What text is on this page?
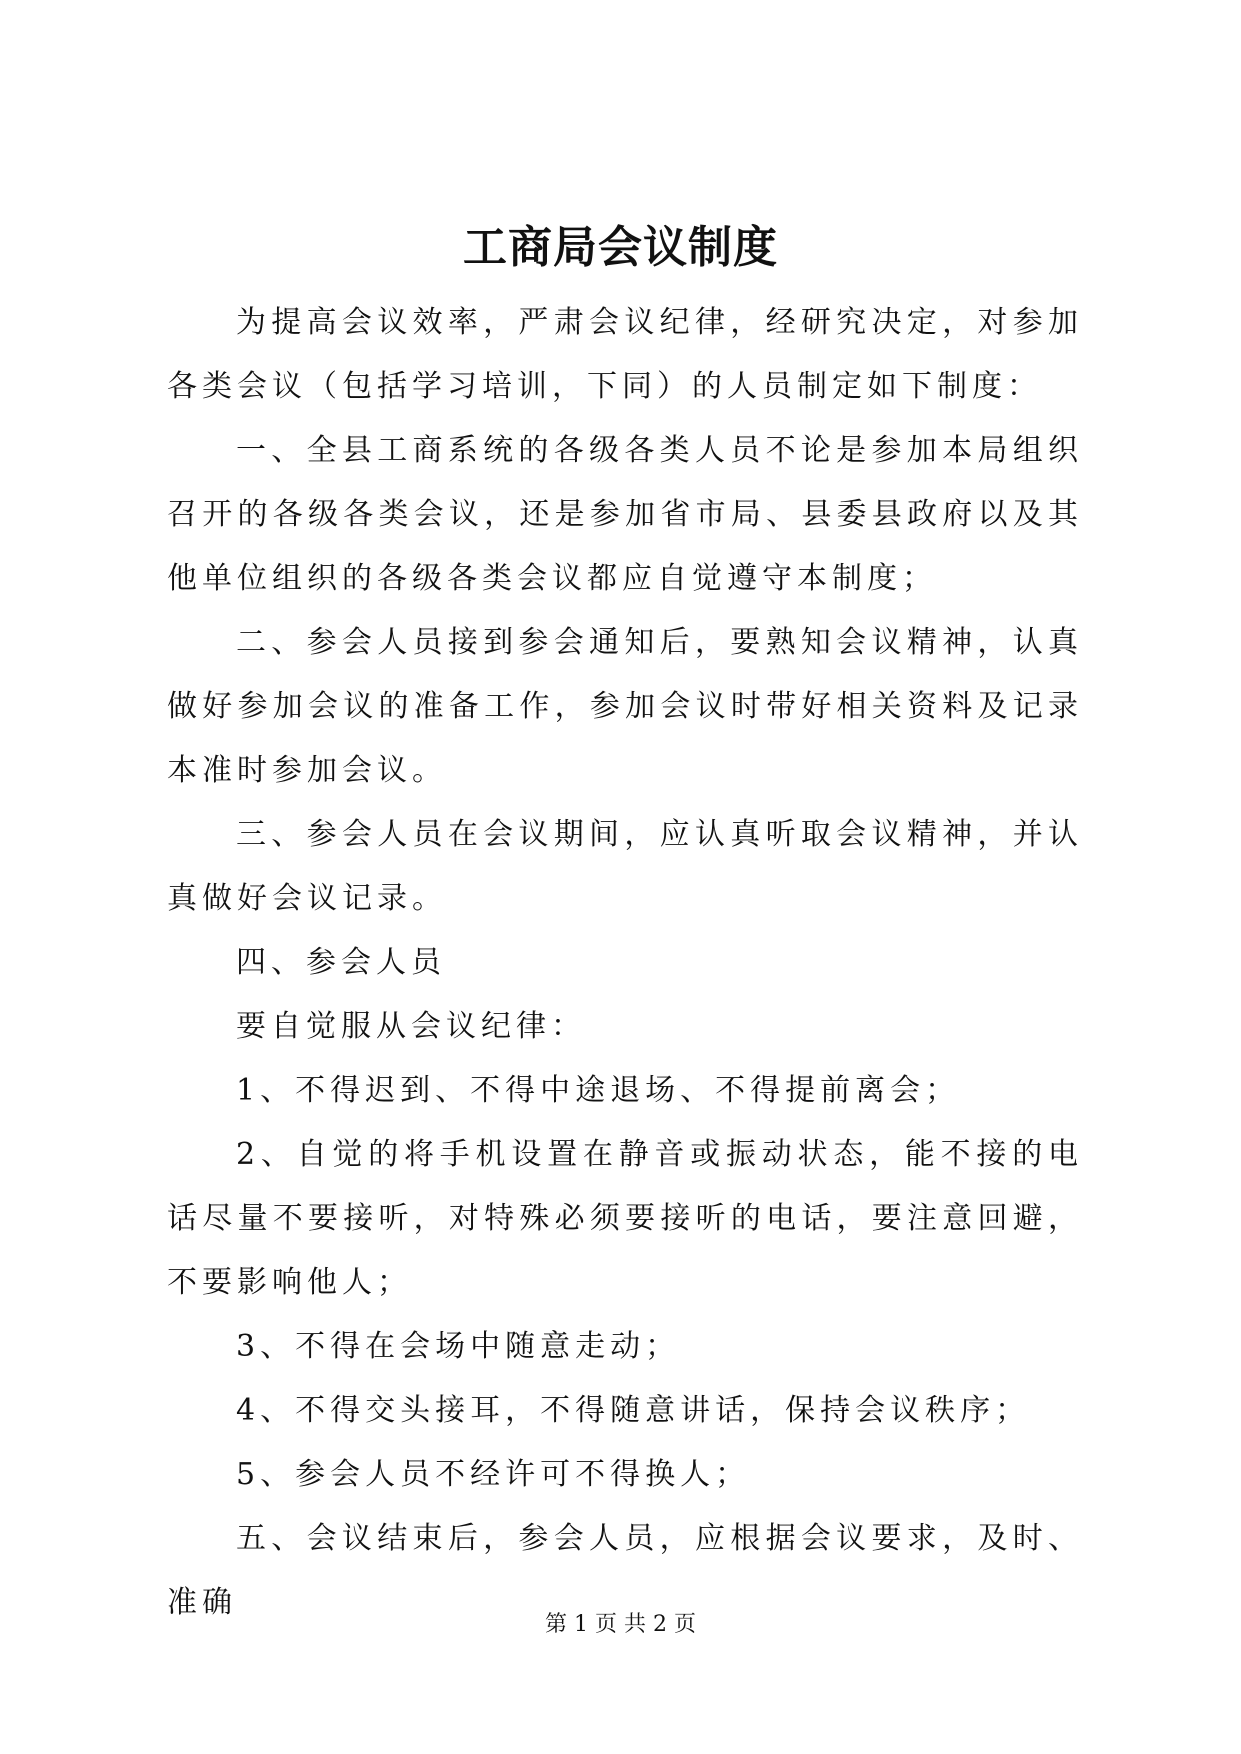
工商局会议制度

为提高会议效率，严肃会议纪律，经研究决定，对参加各类会议（包括学习培训，下同）的人员制定如下制度：

一、全县工商系统的各级各类人员不论是参加本局组织召开的各级各类会议，还是参加省市局、县委县政府以及其他单位组织的各级各类会议都应自觉遵守本制度；

二、参会人员接到参会通知后，要熟知会议精神，认真做好参加会议的准备工作，参加会议时带好相关资料及记录本准时参加会议。

三、参会人员在会议期间，应认真听取会议精神，并认真做好会议记录。

四、参会人员

要自觉服从会议纪律：

1、不得迟到、不得中途退场、不得提前离会；

2、自觉的将手机设置在静音或振动状态，能不接的电话尽量不要接听，对特殊必须要接听的电话，要注意回避，不要影响他人；

3、不得在会场中随意走动；

4、不得交头接耳，不得随意讲话，保持会议秩序；

5、参会人员不经许可不得换人；

五、会议结束后，参会人员，应根据会议要求，及时、准确

第 1 页 共 2 页
